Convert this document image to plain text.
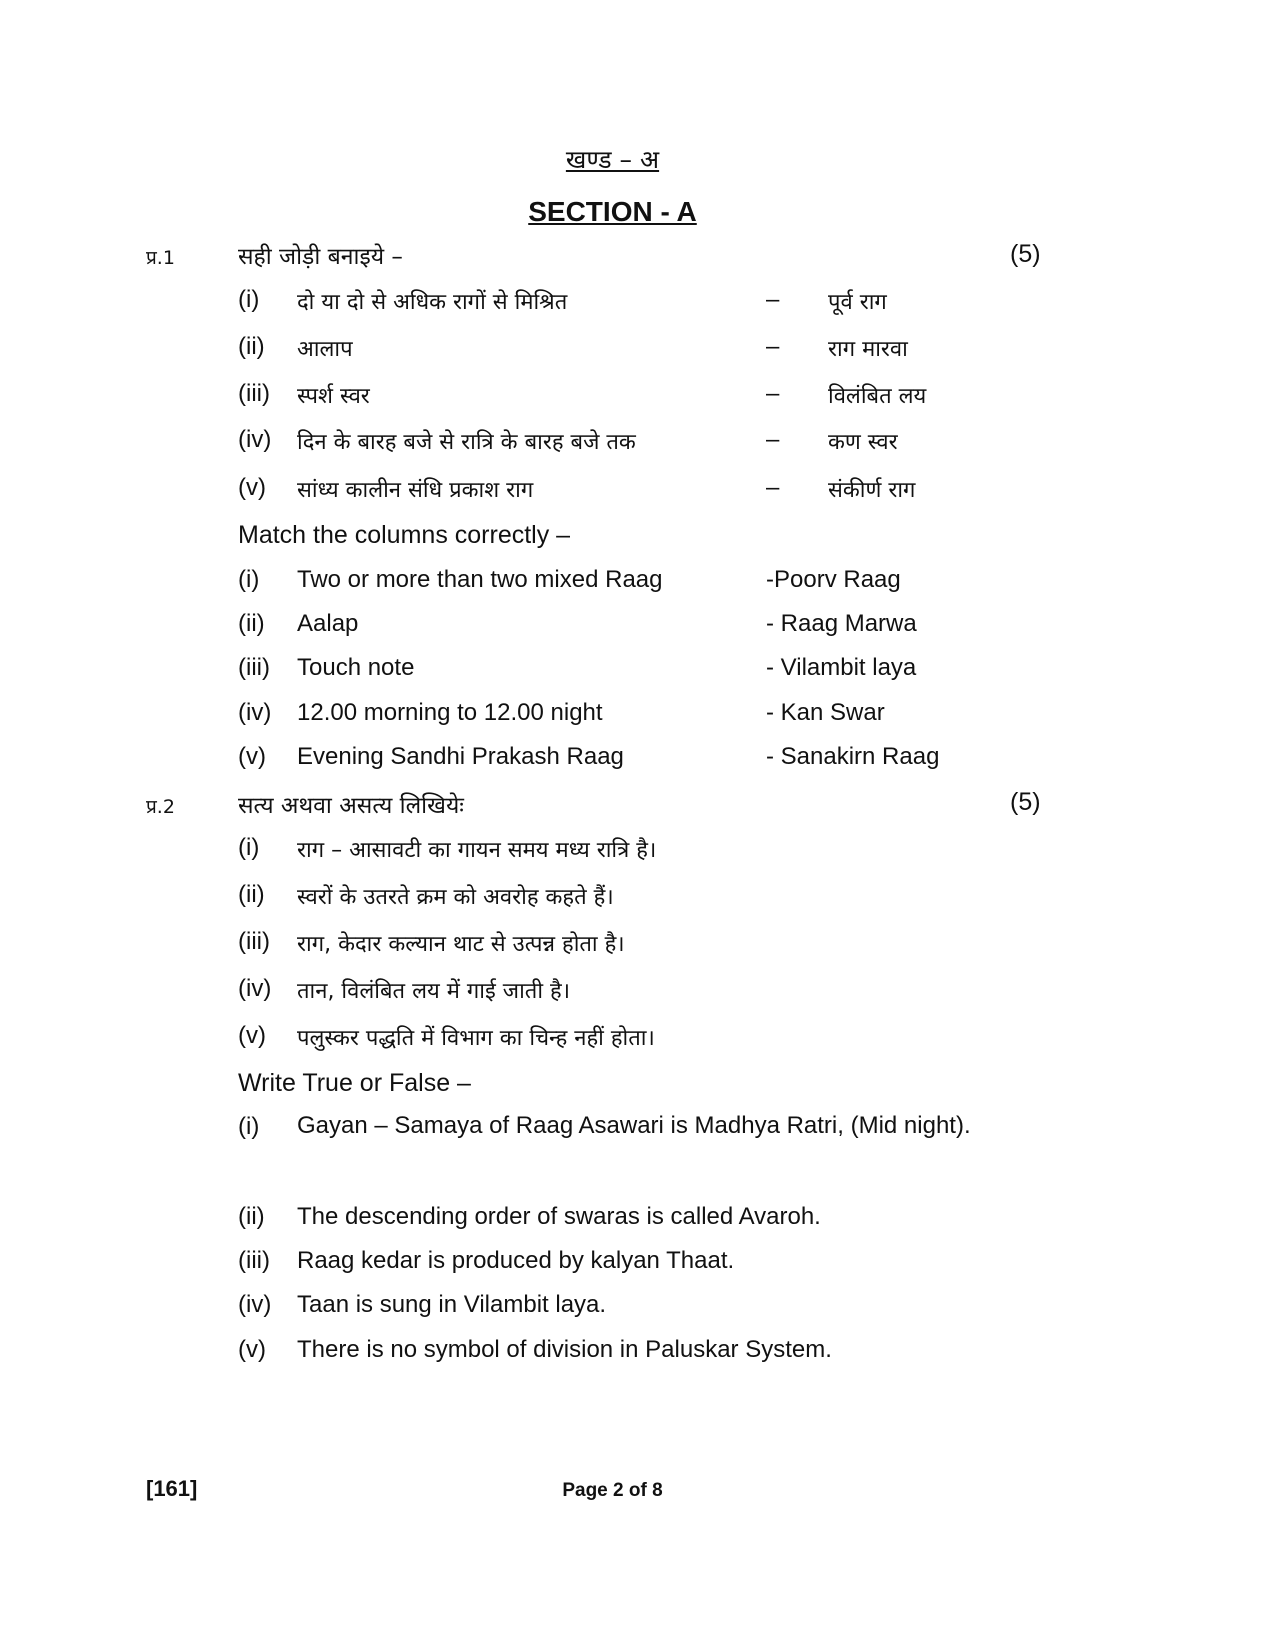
खण्ड – अ
SECTION - A
प्र.1	सही जोड़ी बनाइये –	(5)
(i) दो या दो से अधिक रागों से मिश्रित	– पूर्व राग
(ii) आलाप	– राग मारवा
(iii) स्पर्श स्वर	– विलंबित लय
(iv) दिन के बारह बजे से रात्रि के बारह बजे तक	– कण स्वर
(v) सांध्य कालीन संधि प्रकाश राग	– संकीर्ण राग
Match the columns correctly –
(i) Two or more than two mixed Raag	-Poorv Raag
(ii) Aalap	- Raag Marwa
(iii) Touch note	- Vilambit laya
(iv) 12.00 morning to 12.00 night	- Kan Swar
(v) Evening Sandhi Prakash Raag	- Sanakirn Raag
प्र.2	सत्य अथवा असत्य लिखियेः	(5)
(i) राग – आसावटी का गायन समय मध्य रात्रि है।
(ii) स्वरों के उतरते क्रम को अवरोह कहते हैं।
(iii) राग, केदार कल्यान थाट से उत्पन्न होता है।
(iv) तान, विलंबित लय में गाई जाती है।
(v) पलुस्कर पद्धति में विभाग का चिन्ह नहीं होता।
Write True or False –
(i) Gayan – Samaya of Raag Asawari is Madhya Ratri, (Mid night).
(ii) The descending order of swaras is called Avaroh.
(iii) Raag kedar is produced by kalyan Thaat.
(iv) Taan is sung in Vilambit laya.
(v) There is no symbol of division in Paluskar System.
[161]	Page 2 of 8
